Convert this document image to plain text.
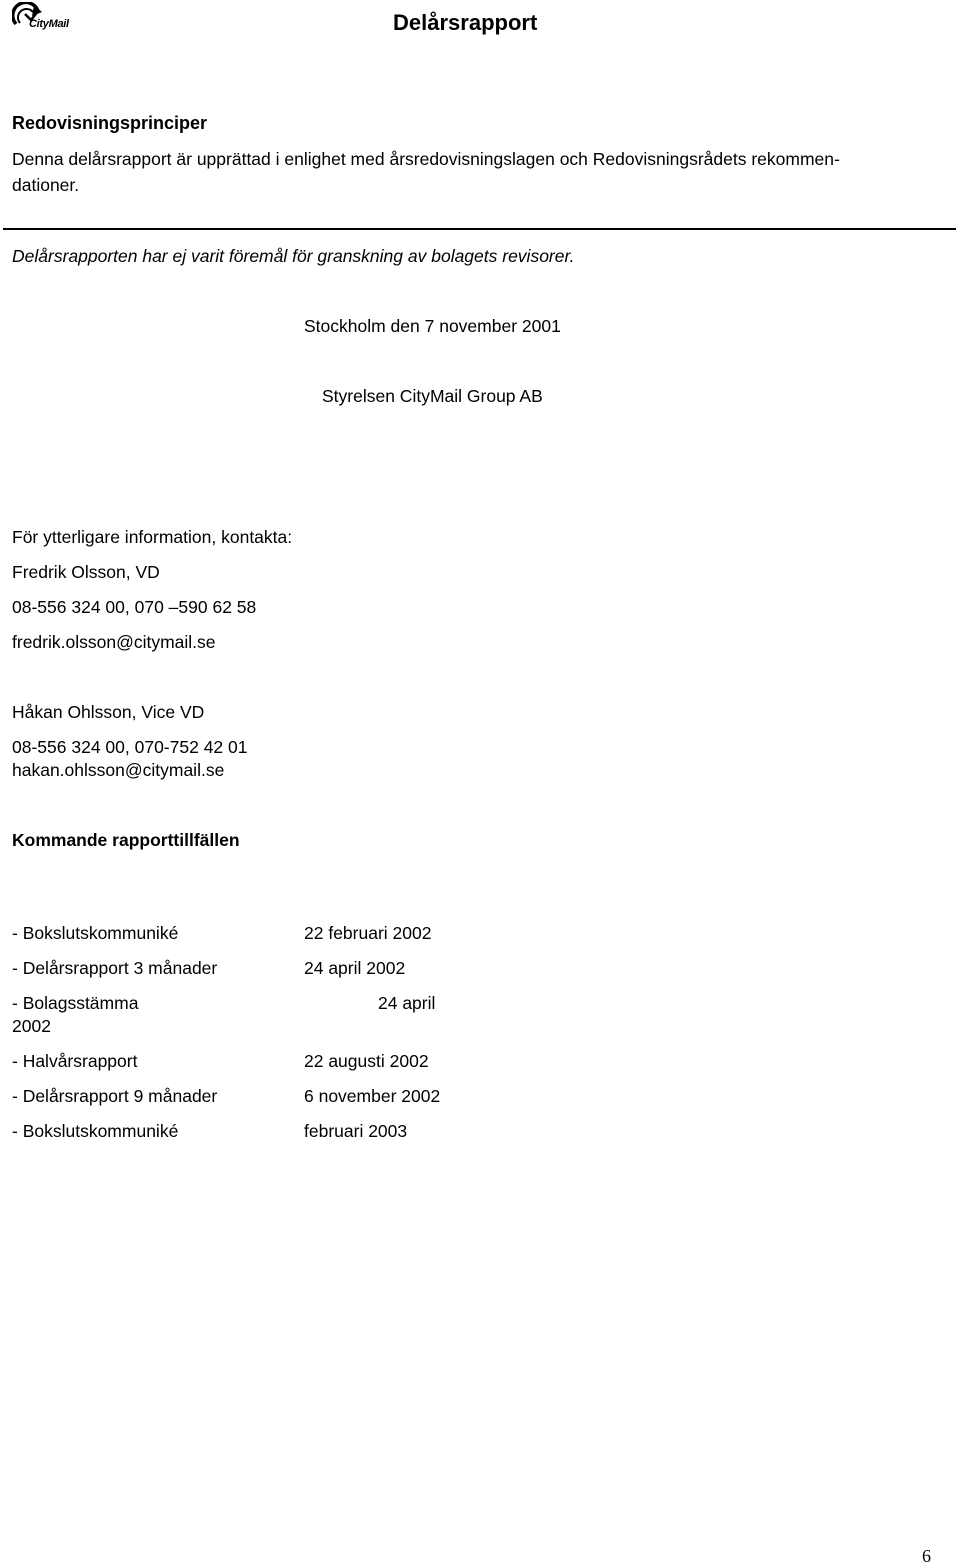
CityMail	Delårsrapport
Redovisningsprinciper
Denna delårsrapport är upprättad i enlighet med årsredovisningslagen och Redovisningsrådets rekommen-
dationer.
Delårsrapporten har ej varit föremål för granskning av bolagets revisorer.
Stockholm den 7 november 2001
Styrelsen CityMail Group AB
För ytterligare information, kontakta:
Fredrik Olsson, VD
08-556 324 00, 070 –590 62 58
fredrik.olsson@citymail.se
Håkan Ohlsson, Vice VD
08-556 324 00, 070-752 42 01
hakan.ohlsson@citymail.se
Kommande rapporttillfällen
- Bokslutskommuniké	22 februari 2002
- Delårsrapport 3 månader	24 april 2002
- Bolagsstämma	24 april
2002
- Halvårsrapport	22 augusti 2002
- Delårsrapport 9 månader	6 november 2002
- Bokslutskommuniké	februari 2003
6
